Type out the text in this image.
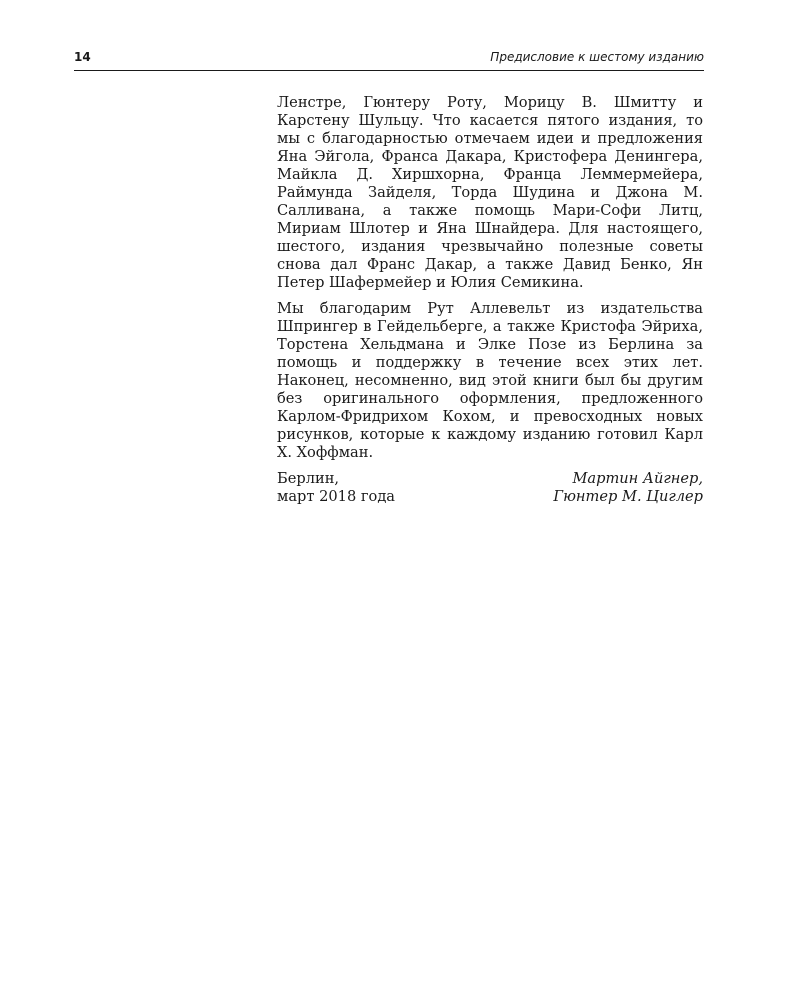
14	Предисловие к шестому изданию

Ленстре, Гюнтеру Роту, Морицу В. Шмитту и Карстену Шульцу. Что касается пятого издания, то мы с благодарностью отмечаем идеи и предложения Яна Эйгола, Франса Дакара, Кристофера Денингера, Майкла Д. Хиршхорна, Франца Леммермейера, Раймунда Зайделя, Торда Шудина и Джона М. Салливана, а также помощь Мари-Софи Литц, Мириам Шлотер и Яна Шнайдера. Для настоящего, шестого, издания чрезвычайно полезные советы снова дал Франс Дакар, а также Давид Бенко, Ян Петер Шафермейер и Юлия Семикина.

Мы благодарим Рут Аллевельт из издательства Шпрингер в Гейдельберге, а также Кристофа Эйриха, Торстена Хельдмана и Элке Позе из Берлина за помощь и поддержку в течение всех этих лет. Наконец, несомненно, вид этой книги был бы другим без оригинального оформления, предложенного Карлом-Фридрихом Кохом, и превосходных новых рисунков, которые к каждому изданию готовил Карл Х. Хоффман.

Берлин,	Мартин Айгнер,
март 2018 года	Гюнтер М. Циглер
